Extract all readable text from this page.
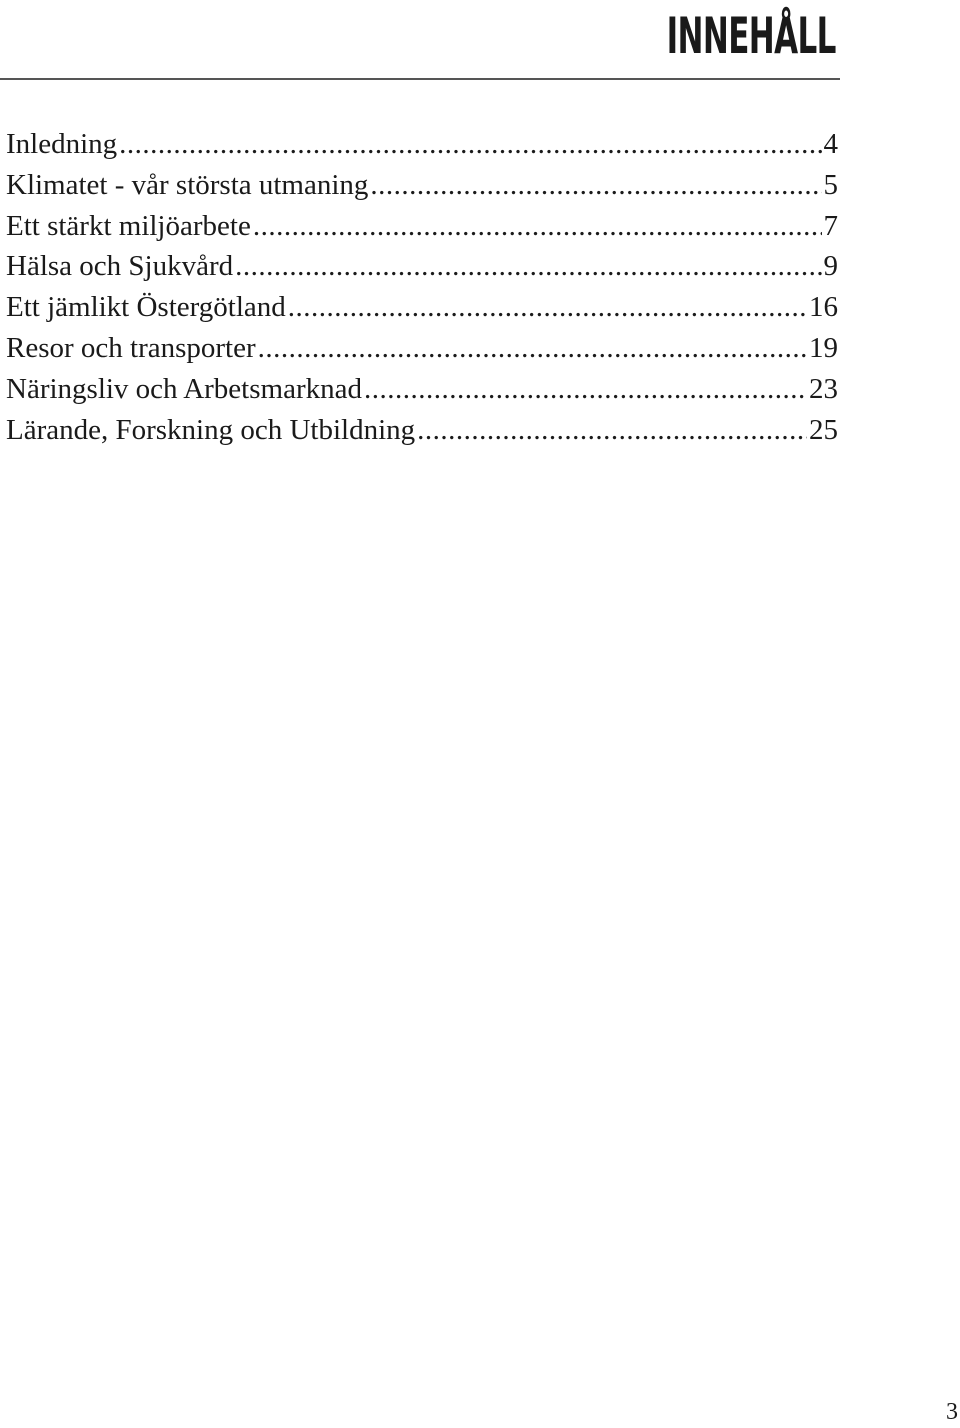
INNEHÅLL
Inledning .....	4
Klimatet - vår största utmaning .....	5
Ett stärkt miljöarbete .....	7
Hälsa och Sjukvård .....	9
Ett jämlikt Östergötland .....	16
Resor och transporter .....	19
Näringsliv och Arbetsmarknad .....	23
Lärande, Forskning och Utbildning .....	25
3
